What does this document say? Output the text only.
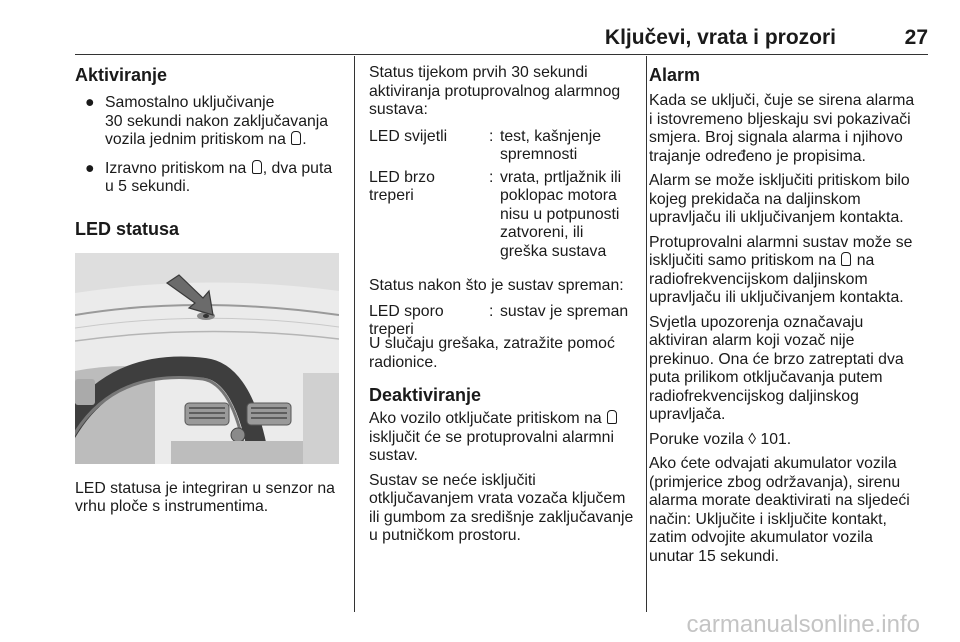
Ključevi, vrata i prozori	27
Aktiviranje
● Samostalno uključivanje

30 sekundi nakon zaključavanja

vozila jednim pritiskom na .

● Izravno pritiskom na , dva puta

u 5 sekundi.

LED statusa

LED statusa je integriran u senzor na

vrhu ploče s instrumentima.

Status tijekom prvih 30 sekundi

aktiviranja protuprovalnog alarmnog

sustava:

LED svijetli	: test, kašnjenje

spremnosti

LED brzo

treperi

: vrata, prtljažnik ili

poklopac motora

nisu u potpunosti

zatvoreni, ili

greška sustava

Status nakon što je sustav spreman:

LED sporo

treperi

: sustav je spreman

U slučaju grešaka, zatražite pomoć

radionice.

Deaktiviranje

Ako vozilo otključate pritiskom na

isključit će se protuprovalni alarmni

sustav.

Sustav se neće isključiti

otključavanjem vrata vozača ključem

ili gumbom za središnje zaključavanje

u putničkom prostoru.

Alarm

Kada se uključi, čuje se sirena alarma

i istovremeno bljeskaju svi pokazivači

smjera. Broj signala alarma i njihovo

trajanje određeno je propisima.

Alarm se može isključiti pritiskom bilo

kojeg prekidača na daljinskom

upravljaču ili uključivanjem kontakta.

Protuprovalni alarmni sustav može se

isključiti samo pritiskom na na

radiofrekvencijskom daljinskom

upravljaču ili uključivanjem kontakta.

Svjetla upozorenja označavaju

aktiviran alarm koji vozač nije

prekinuo. Ona će brzo zatreptati dva

puta prilikom otključavanja putem

radiofrekvencijskog daljinskog

upravljača.

Poruke vozila ◊ 101.

Ako ćete odvajati akumulator vozila

(primjerice zbog održavanja), sirenu

alarma morate deaktivirati na sljedeći

način: Uključite i isključite kontakt,

zatim odvojite akumulator vozila

unutar 15 sekundi.

carmanualsonline.info
